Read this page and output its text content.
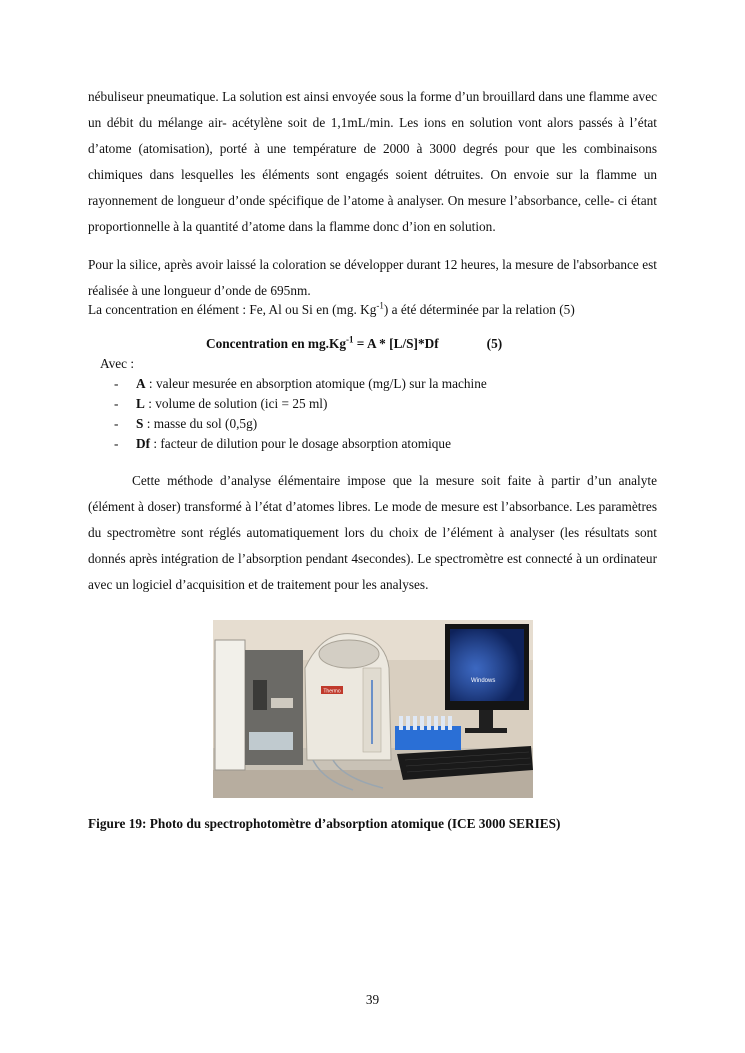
nébuliseur pneumatique. La solution est ainsi envoyée sous la forme d’un brouillard dans une flamme avec un débit du mélange air- acétylène soit de 1,1mL/min. Les ions en solution vont alors passés à l’état d’atome (atomisation), porté à une température de 2000 à 3000 degrés pour que les combinaisons chimiques dans lesquelles les éléments sont engagés soient détruites. On envoie sur la flamme un rayonnement de longueur d’onde spécifique de l’atome à analyser. On mesure l’absorbance, celle- ci étant proportionnelle à la quantité d’atome dans la flamme donc d’ion en solution.

Pour la silice, après avoir laissé la coloration se développer durant 12 heures, la mesure de l'absorbance est réalisée à une longueur d’onde de 695nm.

La concentration en élément : Fe, Al ou Si en (mg. $Kg^{-1}$) a été déterminée par la relation (5)

Concentration en $mg.Kg^{-1} = A * [L/S]*Df$	(5)

Avec :

- A : valeur mesurée en absorption atomique (mg/L) sur la machine
- L : volume de solution (ici = 25 ml)
- S : masse du sol (0,5g)
- Df : facteur de dilution pour le dosage absorption atomique

Cette méthode d’analyse élémentaire impose que la mesure soit faite à partir d’un analyte (élément à doser) transformé à l’état d’atomes libres. Le mode de mesure est l’absorbance. Les paramètres du spectromètre sont réglés automatiquement lors du choix de l’élément à analyser (les résultats sont donnés après intégration de l’absorption pendant 4secondes). Le spectromètre est connecté à un ordinateur avec un logiciel d’acquisition et de traitement pour les analyses.

Thermo
Windows

Figure 19: Photo du spectrophotomètre d’absorption atomique (ICE 3000 SERIES)

39
